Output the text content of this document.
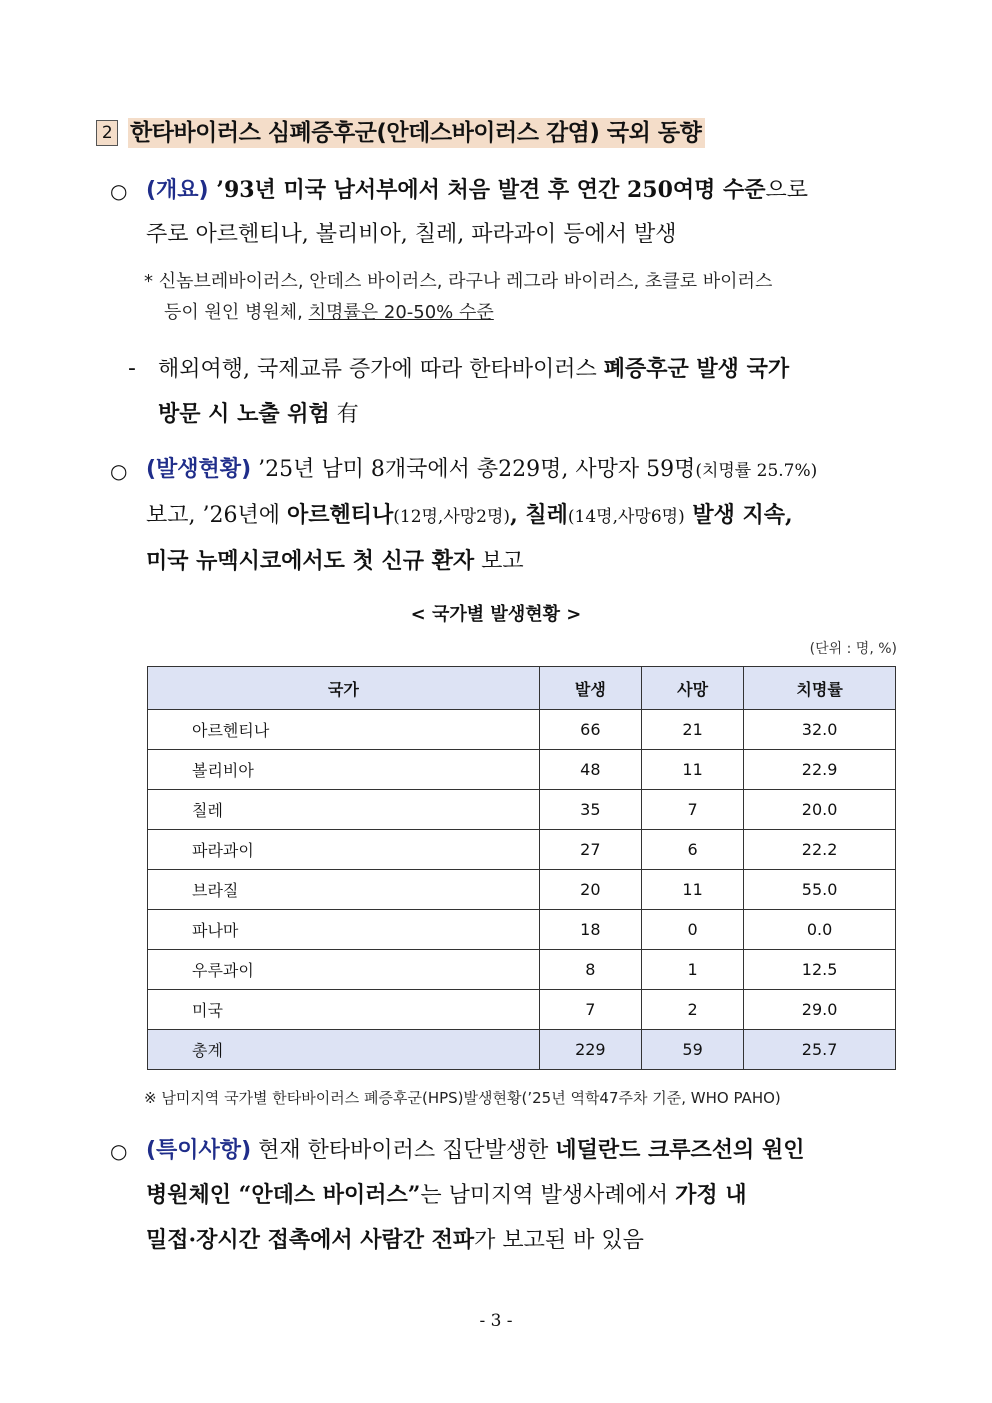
2 한타바이러스 심폐증후군(안데스바이러스 감염) 국외 동향
○ (개요) ’93년 미국 남서부에서 처음 발견 후 연간 250여명 수준으로
주로 아르헨티나, 볼리비아, 칠레, 파라과이 등에서 발생
* 신놈브레바이러스, 안데스 바이러스, 라구나 레그라 바이러스, 초클로 바이러스
등이 원인 병원체, 치명률은 20-50% 수준
- 해외여행, 국제교류 증가에 따라 한타바이러스 폐증후군 발생 국가
방문 시 노출 위험 有
○ (발생현황) ’25년 남미 8개국에서 총229명, 사망자 59명(치명률 25.7%)
보고, ’26년에 아르헨티나(12명,사망2명), 칠레(14명,사망6명) 발생 지속,
미국 뉴멕시코에서도 첫 신규 환자 보고
< 국가별 발생현황 >
(단위 : 명, %)
국가	발생	사망	치명률
아르헨티나	66	21	32.0
볼리비아	48	11	22.9
칠레	35	7	20.0
파라과이	27	6	22.2
브라질	20	11	55.0
파나마	18	0	0.0
우루과이	8	1	12.5
미국	7	2	29.0
총계	229	59	25.7
※ 남미지역 국가별 한타바이러스 폐증후군(HPS)발생현황(’25년 역학47주차 기준, WHO PAHO)
○ (특이사항) 현재 한타바이러스 집단발생한 네덜란드 크루즈선의 원인
병원체인 “안데스 바이러스”는 남미지역 발생사례에서 가정 내
밀접·장시간 접촉에서 사람간 전파가 보고된 바 있음
- 3 -
